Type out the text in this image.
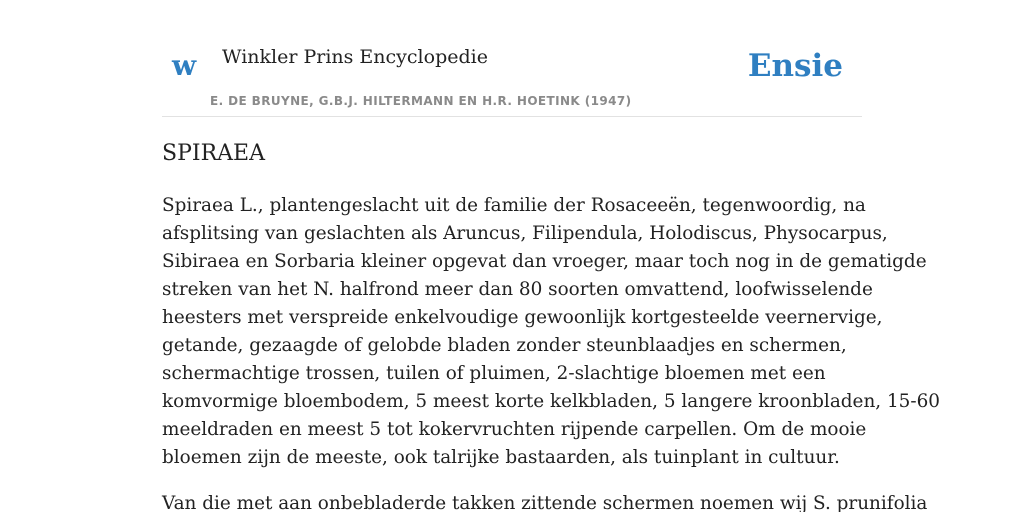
w Winkler Prins Encyclopedie
E. DE BRUYNE, G.B.J. HILTERMANN EN H.R. HOETINK (1947)
Ensie
SPIRAEA

Spiraea L., plantengeslacht uit de familie der Rosaceeën, tegenwoordig, na
afsplitsing van geslachten als Aruncus, Filipendula, Holodiscus, Physocarpus,
Sibiraea en Sorbaria kleiner opgevat dan vroeger, maar toch nog in de gematigde
streken van het N. halfrond meer dan 80 soorten omvattend, loofwisselende
heesters met verspreide enkelvoudige gewoonlijk kortgesteelde veernervige,
getande, gezaagde of gelobde bladen zonder steunblaadjes en schermen,
schermachtige trossen, tuilen of pluimen, 2-slachtige bloemen met een
komvormige bloembodem, 5 meest korte kelkbladen, 5 langere kroonbladen, 15-60
meeldraden en meest 5 tot kokervruchten rijpende carpellen. Om de mooie
bloemen zijn de meeste, ook talrijke bastaarden, als tuinplant in cultuur.

Van die met aan onbebladerde takken zittende schermen noemen wij S. prunifolia
